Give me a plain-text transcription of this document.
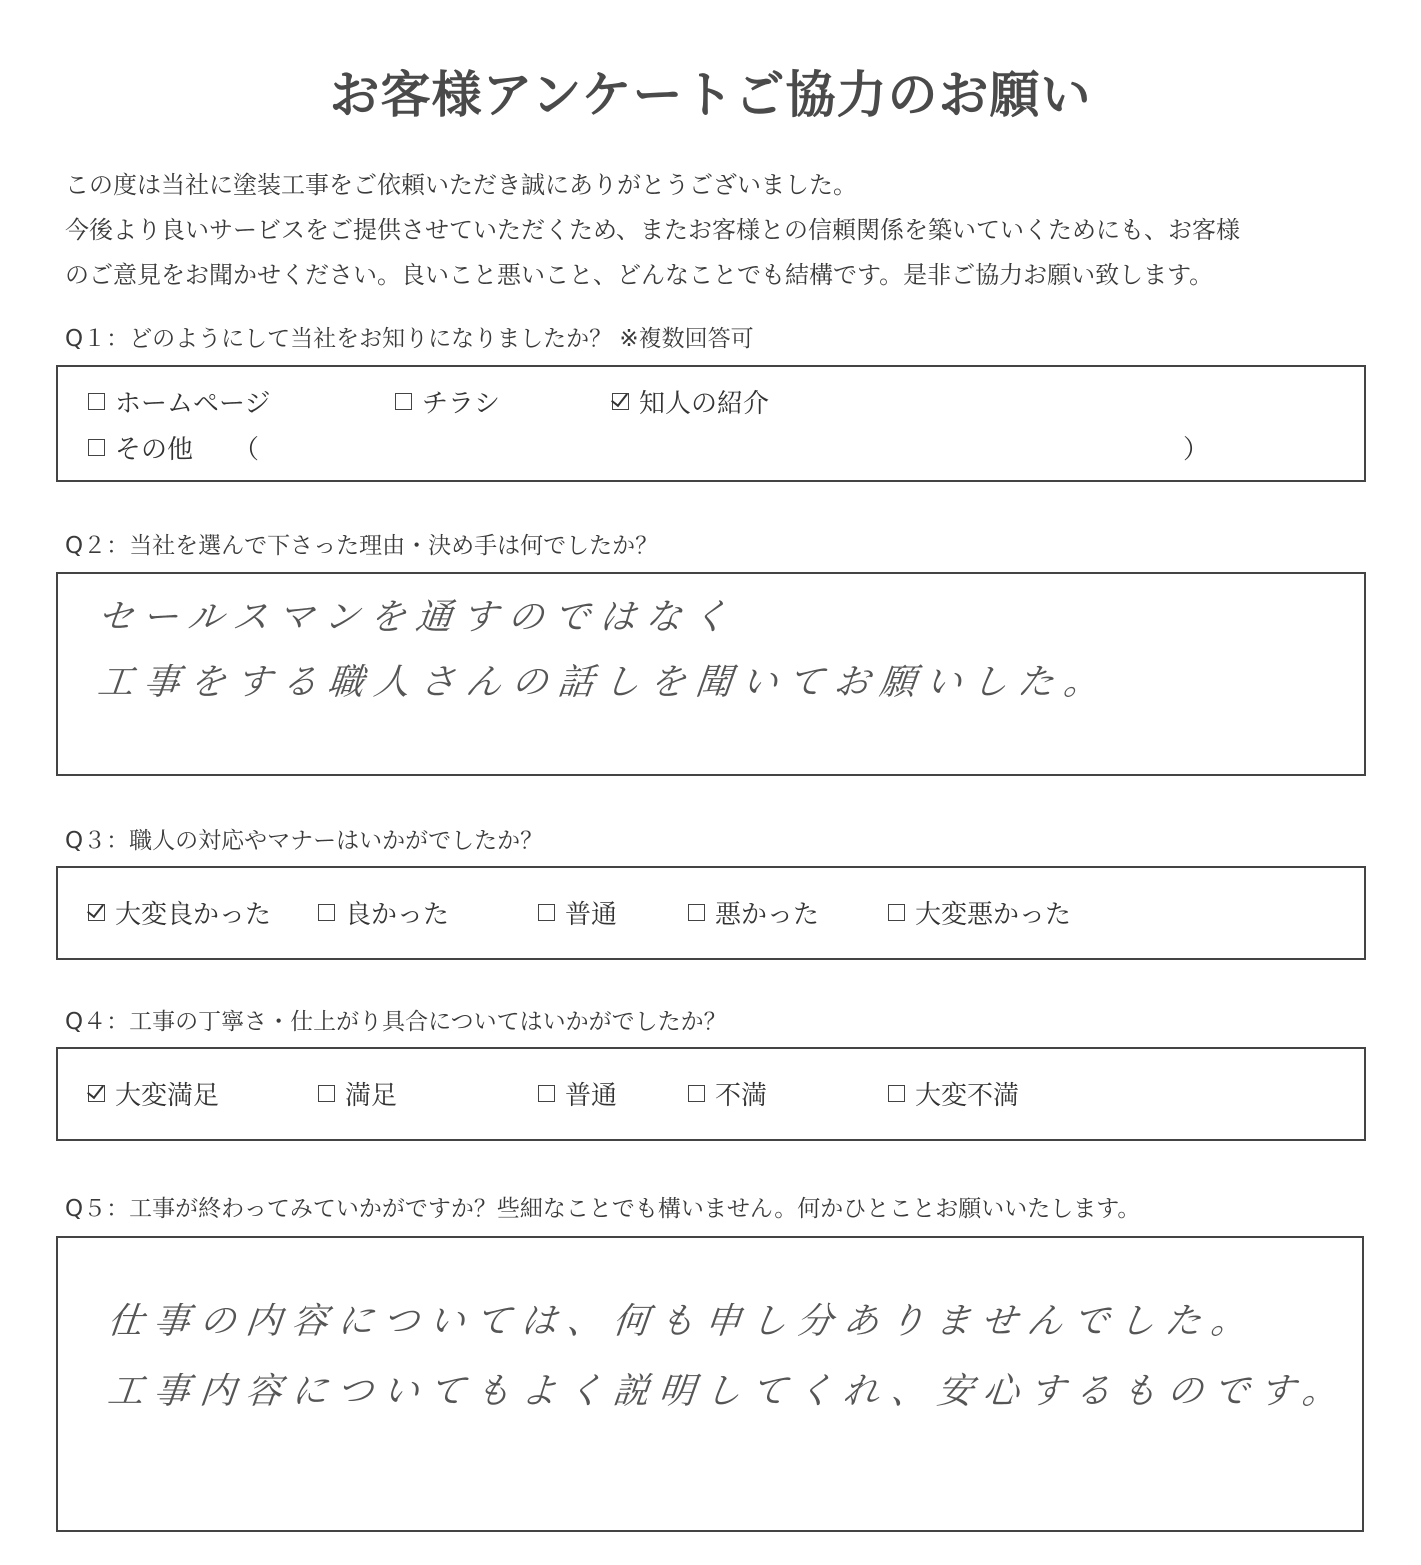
お客様アンケートご協力のお願い
この度は当社に塗装工事をご依頼いただき誠にありがとうございました。
今後より良いサービスをご提供させていただくため、またお客様との信頼関係を築いていくためにも、お客様
のご意見をお聞かせください。良いこと悪いこと、どんなことでも結構です。是非ご協力お願い致します。
Q１：どのようにして当社をお知りになりましたか？ ※複数回答可
ホームページ	チラシ	知人の紹介
その他 （	）
Q２：当社を選んで下さった理由・決め手は何でしたか？
セールスマンを通すのではなく
工事をする職人さんの話しを聞いてお願いした。
Q３：職人の対応やマナーはいかがでしたか？
大変良かった	良かった	普通	悪かった	大変悪かった
Q４：工事の丁寧さ・仕上がり具合についてはいかがでしたか？
大変満足	満足	普通	不満	大変不満
Q５：工事が終わってみていかがですか？些細なことでも構いません。何かひとことお願いいたします。
仕事の内容については、何も申し分ありませんでした。
工事内容についてもよく説明してくれ、安心するものです。
